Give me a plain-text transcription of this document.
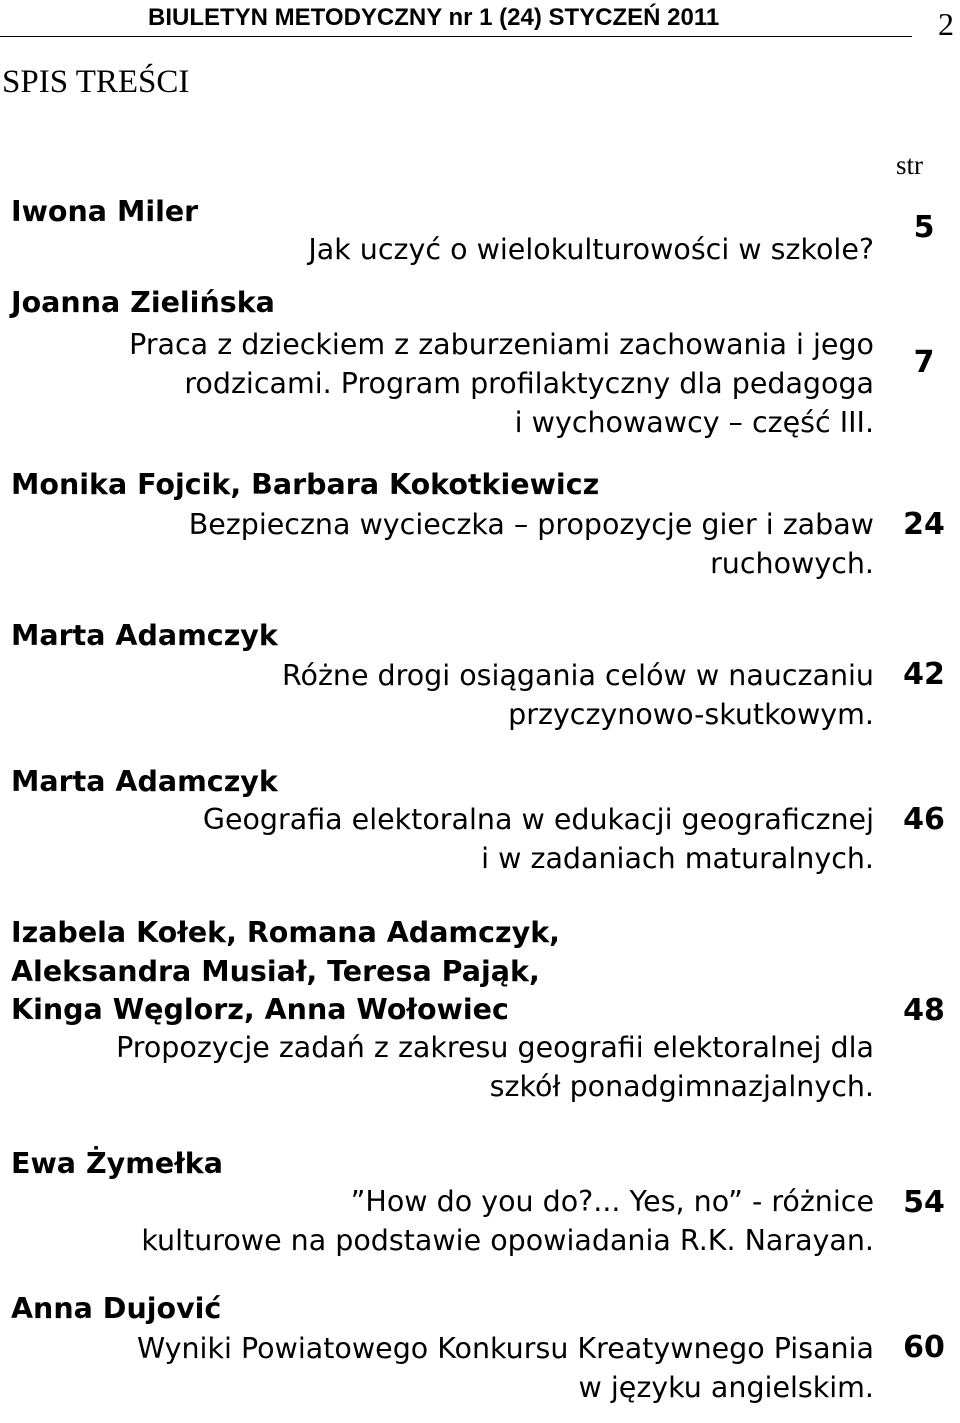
BIULETYN METODYCZNY nr 1 (24) STYCZEŃ 2011	2
SPIS TREŚCI
str
Iwona Miler
Jak uczyć o wielokulturowości w szkole?
5
Joanna Zielińska
Praca z dzieckiem z zaburzeniami zachowania i jego
rodzicami. Program profilaktyczny dla pedagoga
i wychowawcy – część III.
7
Monika Fojcik, Barbara Kokotkiewicz
Bezpieczna wycieczka – propozycje gier i zabaw
ruchowych.
24
Marta Adamczyk
Różne drogi osiągania celów w nauczaniu
przyczynowo-skutkowym.
42
Marta Adamczyk
Geografia elektoralna w edukacji geograficznej
i w zadaniach maturalnych.
46
Izabela Kołek, Romana Adamczyk,
Aleksandra Musiał, Teresa Pająk,
Kinga Węglorz, Anna Wołowiec
Propozycje zadań z zakresu geografii elektoralnej dla
szkół ponadgimnazjalnych.
48
Ewa Żymełka
”How do you do?... Yes, no” - różnice
kulturowe na podstawie opowiadania R.K. Narayan.
54
Anna Dujović
Wyniki Powiatowego Konkursu Kreatywnego Pisania
w języku angielskim.
60
